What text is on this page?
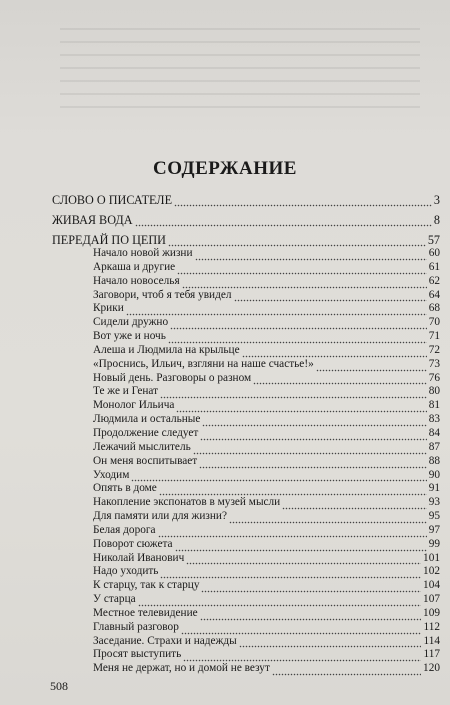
СОДЕРЖАНИЕ
СЛОВО О ПИСАТЕЛЕ	3
ЖИВАЯ ВОДА	8
ПЕРЕДАЙ ПО ЦЕПИ	57
Начало новой жизни	60
Аркаша и другие	61
Начало новоселья	62
Заговори, чтоб я тебя увидел	64
Крики	68
Сидели дружно	70
Вот уже и ночь	71
Алеша и Людмила на крыльце	72
«Проснись, Ильич, взгляни на наше счастье!»	73
Новый день. Разговоры о разном	76
Те же и Генат	80
Монолог Ильича	81
Людмила и остальные	83
Продолжение следует	84
Лежачий мыслитель	87
Он меня воспитывает	88
Уходим	90
Опять в доме	91
Накопление экспонатов в музей мысли	93
Для памяти или для жизни?	95
Белая дорога	97
Поворот сюжета	99
Николай Иванович	101
Надо уходить	102
К старцу, так к старцу	104
У старца	107
Местное телевидение	109
Главный разговор	112
Заседание. Страхи и надежды	114
Просят выступить	117
Меня не держат, но и домой не везут	120
508
